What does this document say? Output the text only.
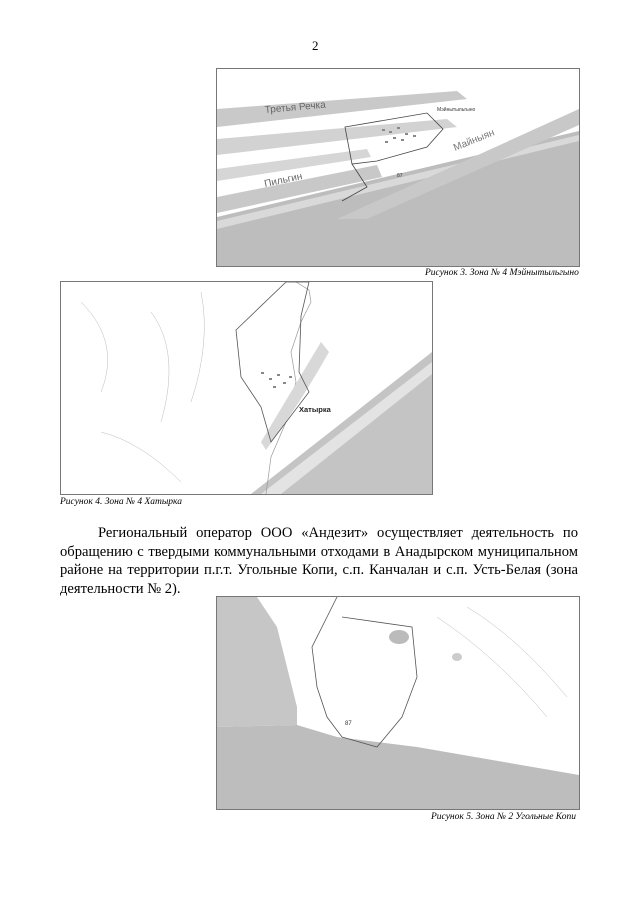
2
Третья Речка
Пильгин
Майныян
Мэйнытыльгыно
87
Рисунок 3. Зона № 4 Мэйнытыльгыно
Хатырка
Рисунок 4. Зона № 4 Хатырка
Региональный оператор ООО «Андезит» осуществляет деятельность по обращению с твердыми коммунальными отходами в Анадырском муниципальном районе на территории п.г.т. Угольные Копи, с.п. Канчалан и с.п. Усть-Белая (зона деятельности № 2).
87
Рисунок 5. Зона № 2 Угольные Копи
